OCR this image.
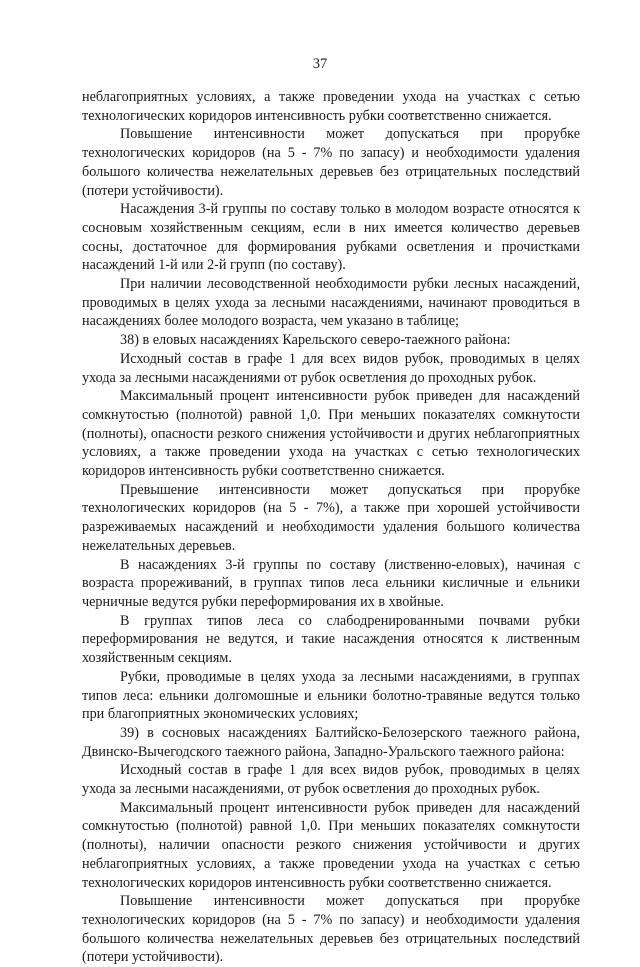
37

неблагоприятных условиях, а также проведении ухода на участках с сетью технологических коридоров интенсивность рубки соответственно снижается.

Повышение интенсивности может допускаться при прорубке технологических коридоров (на 5 - 7% по запасу) и необходимости удаления большого количества нежелательных деревьев без отрицательных последствий (потери устойчивости).

Насаждения 3-й группы по составу только в молодом возрасте относятся к сосновым хозяйственным секциям, если в них имеется количество деревьев сосны, достаточное для формирования рубками осветления и прочистками насаждений 1-й или 2-й групп (по составу).

При наличии лесоводственной необходимости рубки лесных насаждений, проводимых в целях ухода за лесными насаждениями, начинают проводиться в насаждениях более молодого возраста, чем указано в таблице;

38) в еловых насаждениях Карельского северо-таежного района:

Исходный состав в графе 1 для всех видов рубок, проводимых в целях ухода за лесными насаждениями от рубок осветления до проходных рубок.

Максимальный процент интенсивности рубок приведен для насаждений сомкнутостью (полнотой) равной 1,0. При меньших показателях сомкнутости (полноты), опасности резкого снижения устойчивости и других неблагоприятных условиях, а также проведении ухода на участках с сетью технологических коридоров интенсивность рубки соответственно снижается.

Превышение интенсивности может допускаться при прорубке технологических коридоров (на 5 - 7%), а также при хорошей устойчивости разреживаемых насаждений и необходимости удаления большого количества нежелательных деревьев.

В насаждениях 3-й группы по составу (лиственно-еловых), начиная с возраста прореживаний, в группах типов леса ельники кисличные и ельники черничные ведутся рубки переформирования их в хвойные.

В группах типов леса со слабодренированными почвами рубки переформирования не ведутся, и такие насаждения относятся к лиственным хозяйственным секциям.

Рубки, проводимые в целях ухода за лесными насаждениями, в группах типов леса: ельники долгомошные и ельники болотно-травяные ведутся только при благоприятных экономических условиях;

39) в сосновых насаждениях Балтийско-Белозерского таежного района, Двинско-Вычегодского таежного района, Западно-Уральского таежного района:

Исходный состав в графе 1 для всех видов рубок, проводимых в целях ухода за лесными насаждениями, от рубок осветления до проходных рубок.

Максимальный процент интенсивности рубок приведен для насаждений сомкнутостью (полнотой) равной 1,0. При меньших показателях сомкнутости (полноты), наличии опасности резкого снижения устойчивости и других неблагоприятных условиях, а также проведении ухода на участках с сетью технологических коридоров интенсивность рубки соответственно снижается.

Повышение интенсивности может допускаться при прорубке технологических коридоров (на 5 - 7% по запасу) и необходимости удаления большого количества нежелательных деревьев без отрицательных последствий (потери устойчивости).
